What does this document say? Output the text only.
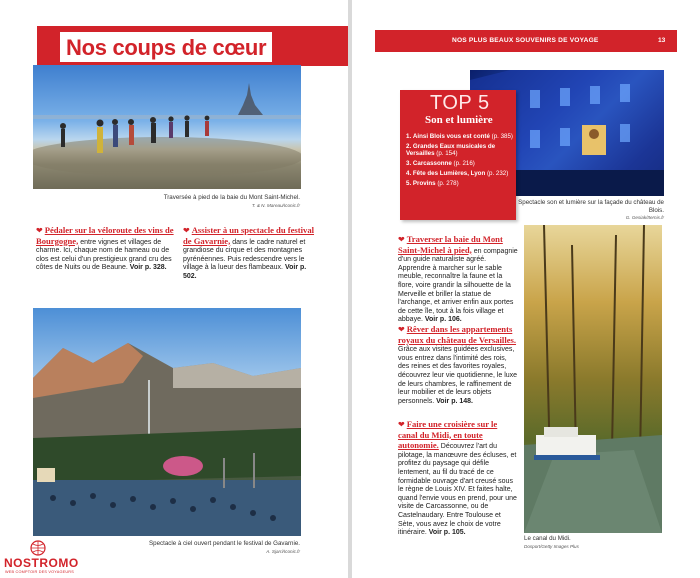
Nos coups de cœur
Traversée à pied de la baie du Mont Saint-Michel.
T. & N. Mareau/Iconic.fr
❤ Pédaler sur la véloroute des vins de Bourgogne, entre vignes et villages de charme. Ici, chaque nom de hameau ou de clos est celui d'un prestigieux grand cru des côtes de Nuits ou de Beaune. Voir p. 328.
❤ Assister à un spectacle du festival de Gavarnie, dans le cadre naturel et grandiose du cirque et des montagnes pyrénéennes. Puis redescendre vers le village à la lueur des flambeaux. Voir p. 502.
Spectacle à ciel ouvert pendant le festival de Gavarnie.
A. Sjarri/Iconic.fr
NOSTROMO
WEB COMPTOIR DES VOYAGEURS
NOS PLUS BEAUX SOUVENIRS DE VOYAGE	13
Spectacle son et lumière sur la façade du château de Blois.
G. Gesiak/Iternis.fr
TOP 5
Son et lumière
1. Ainsi Blois vous est conté (p. 385)
2. Grandes Eaux musicales de Versailles (p. 154)
3. Carcassonne (p. 216)
4. Fête des Lumières, Lyon (p. 232)
5. Provins (p. 278)
❤ Traverser la baie du Mont Saint-Michel à pied, en compagnie d'un guide naturaliste agréé. Apprendre à marcher sur le sable meuble, reconnaître la faune et la flore, voire grandir la silhouette de la Merveille et briller la statue de l'archange, et arriver enfin aux portes de cette île, tout à la fois village et abbaye. Voir p. 106.
❤ Rêver dans les appartements royaux du château de Versailles. Grâce aux visites guidées exclusives, vous entrez dans l'intimité des rois, des reines et des favorites royales, découvrez leur vie quotidienne, le luxe de leurs chambres, le raffinement de leur mobilier et de leurs objets personnels. Voir p. 148.
❤ Faire une croisière sur le canal du Midi, en toute autonomie. Découvrez l'art du pilotage, la manœuvre des écluses, et profitez du paysage qui défile lentement, au fil du tracé de ce formidable ouvrage d'art creusé sous le règne de Louis XIV. Et faites halte, quand l'envie vous en prend, pour une visite de Carcassonne, ou de Castelnaudary. Entre Toulouse et Sète, vous avez le choix de votre itinéraire. Voir p. 105.
Le canal du Midi.
Dosport/Getty Images Plus
